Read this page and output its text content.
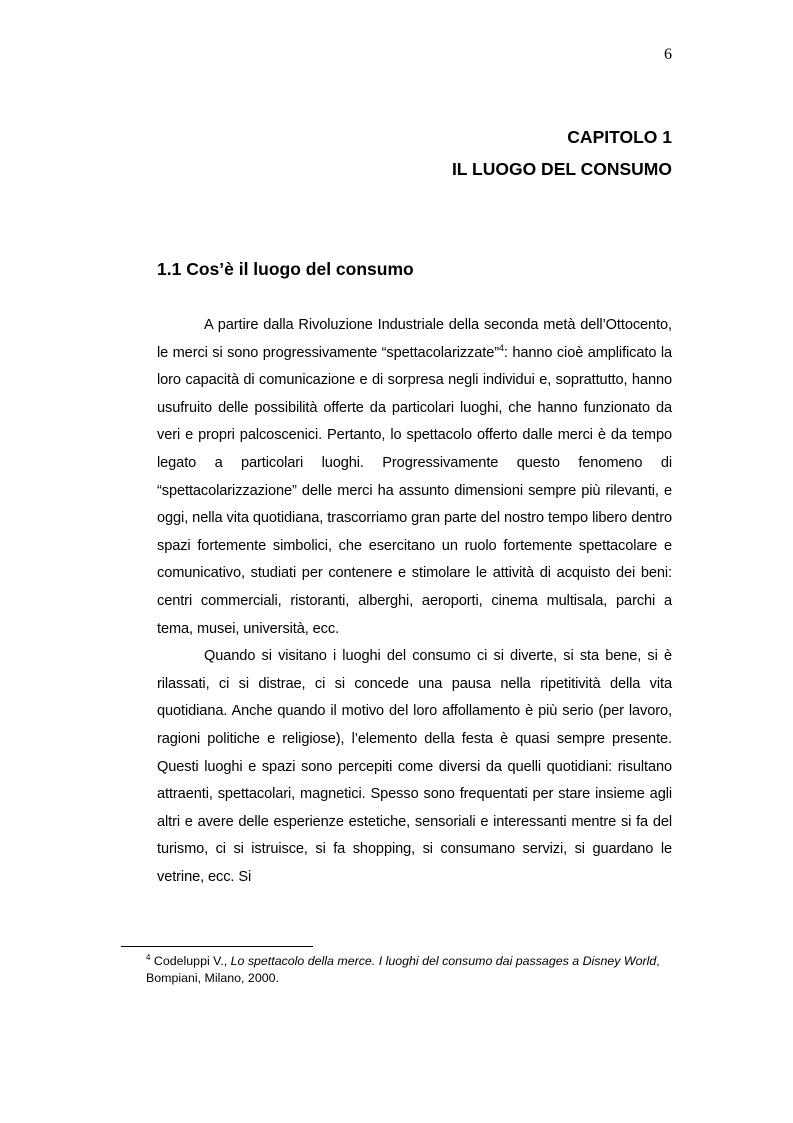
6
CAPITOLO 1
IL LUOGO DEL CONSUMO
1.1 Cos’è il luogo del consumo

A partire dalla Rivoluzione Industriale della seconda metà dell’Ottocento, le merci si sono progressivamente “spettacolarizzate”$^4$: hanno cioè amplificato la loro capacità di comunicazione e di sorpresa negli individui e, soprattutto, hanno usufruito delle possibilità offerte da particolari luoghi, che hanno funzionato da veri e propri palcoscenici. Pertanto, lo spettacolo offerto dalle merci è da tempo legato a particolari luoghi. Progressivamente questo fenomeno di “spettacolarizzazione” delle merci ha assunto dimensioni sempre più rilevanti, e oggi, nella vita quotidiana, trascorriamo gran parte del nostro tempo libero dentro spazi fortemente simbolici, che esercitano un ruolo fortemente spettacolare e comunicativo, studiati per contenere e stimolare le attività di acquisto dei beni: centri commerciali, ristoranti, alberghi, aeroporti, cinema multisala, parchi a tema, musei, università, ecc.

Quando si visitano i luoghi del consumo ci si diverte, si sta bene, si è rilassati, ci si distrae, ci si concede una pausa nella ripetitività della vita quotidiana. Anche quando il motivo del loro affollamento è più serio (per lavoro, ragioni politiche e religiose), l’elemento della festa è quasi sempre presente. Questi luoghi e spazi sono percepiti come diversi da quelli quotidiani: risultano attraenti, spettacolari, magnetici. Spesso sono frequentati per stare insieme agli altri e avere delle esperienze estetiche, sensoriali e interessanti mentre si fa del turismo, ci si istruisce, si fa shopping, si consumano servizi, si guardano le vetrine, ecc. Si

$^4$ Codeluppi V., Lo spettacolo della merce. I luoghi del consumo dai passages a Disney World, Bompiani, Milano, 2000.
